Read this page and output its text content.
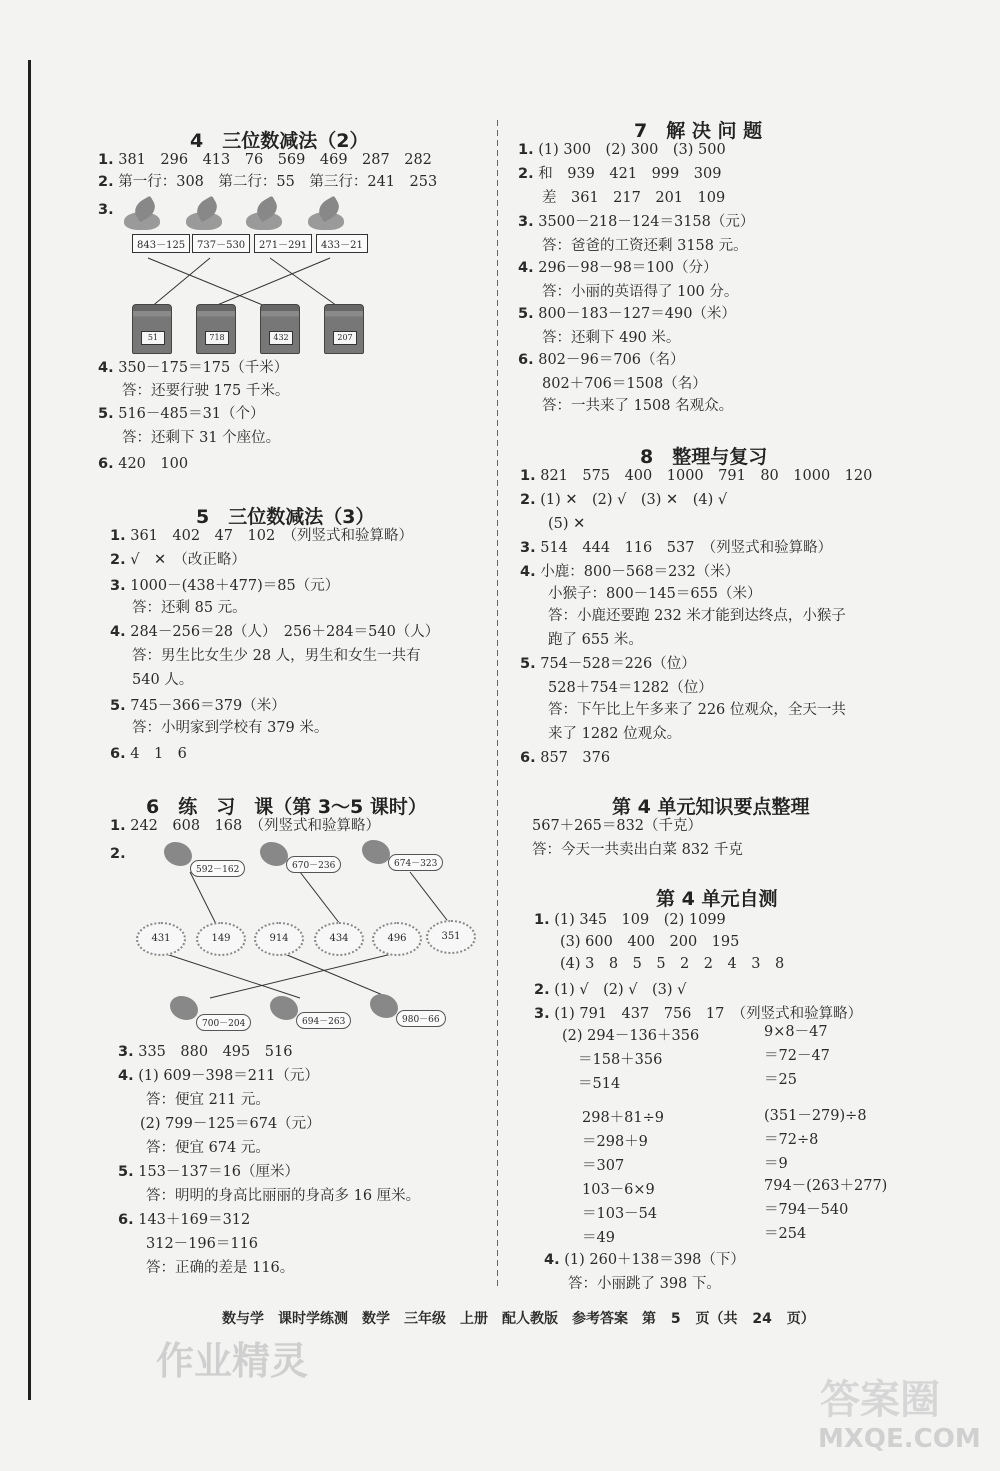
4　三位数减法（2）
1. 381　296　413　76　569　469　287　282
2. 第一行：308　第二行：55　第三行：241　253
3.
843－125	737－530	271－291	433－21
51	718	432	207
4. 350－175＝175（千米）
答：还要行驶 175 千米。
5. 516－485＝31（个）
答：还剩下 31 个座位。
6. 420　100
5　三位数减法（3）
1. 361　402　47　102　（列竖式和验算略）
2. √　✕　（改正略）
3. 1000－(438＋477)＝85（元）
答：还剩 85 元。
4. 284－256＝28（人）　256＋284＝540（人）
答：男生比女生少 28 人，男生和女生一共有
540 人。
5. 745－366＝379（米）
答：小明家到学校有 379 米。
6. 4　1　6
6　练　习　课（第 3～5 课时）
1. 242　608　168　（列竖式和验算略）
2.
592－162	670－236	674－323
431	149	914	434	496	351
700－204	694－263	980－66
3. 335　880　495　516
4. (1) 609－398＝211（元）
答：便宜 211 元。
(2) 799－125＝674（元）
答：便宜 674 元。
5. 153－137＝16（厘米）
答：明明的身高比丽丽的身高多 16 厘米。
6. 143＋169＝312
312－196＝116
答：正确的差是 116。
7　解 决 问 题
1. (1) 300　(2) 300　(3) 500
2. 和　939　421　999　309
差　361　217　201　109
3. 3500－218－124＝3158（元）
答：爸爸的工资还剩 3158 元。
4. 296－98－98＝100（分）
答：小丽的英语得了 100 分。
5. 800－183－127＝490（米）
答：还剩下 490 米。
6. 802－96＝706（名）
802＋706＝1508（名）
答：一共来了 1508 名观众。
8　整理与复习
1. 821　575　400　1000　791　80　1000　120
2. (1) ✕　(2) √　(3) ✕　(4) √
(5) ✕
3. 514　444　116　537　（列竖式和验算略）
4. 小鹿：800－568＝232（米）
小猴子：800－145＝655（米）
答：小鹿还要跑 232 米才能到达终点，小猴子
跑了 655 米。
5. 754－528＝226（位）
528＋754＝1282（位）
答：下午比上午多来了 226 位观众，全天一共
来了 1282 位观众。
6. 857　376
第 4 单元知识要点整理
567＋265＝832（千克）
答：今天一共卖出白菜 832 千克
第 4 单元自测
1. (1) 345　109　(2) 1099
(3) 600　400　200　195
(4) 3　8　5　5　2　2　4　3　8
2. (1) √　(2) √　(3) √
3. (1) 791　437　756　17　（列竖式和验算略）
(2) 294－136＋356
＝158＋356
＝514
9×8－47
＝72－47
＝25
298＋81÷9
＝298＋9
＝307
(351－279)÷8
＝72÷8
＝9
103－6×9
＝103－54
＝49
794－(263＋277)
＝794－540
＝254
4. (1) 260＋138＝398（下）
答：小丽跳了 398 下。
数与学　课时学练测　数学　三年级　上册　配人教版　参考答案　第 5 页（共 24 页）
作业精灵
答案圈
MXQE.COM
